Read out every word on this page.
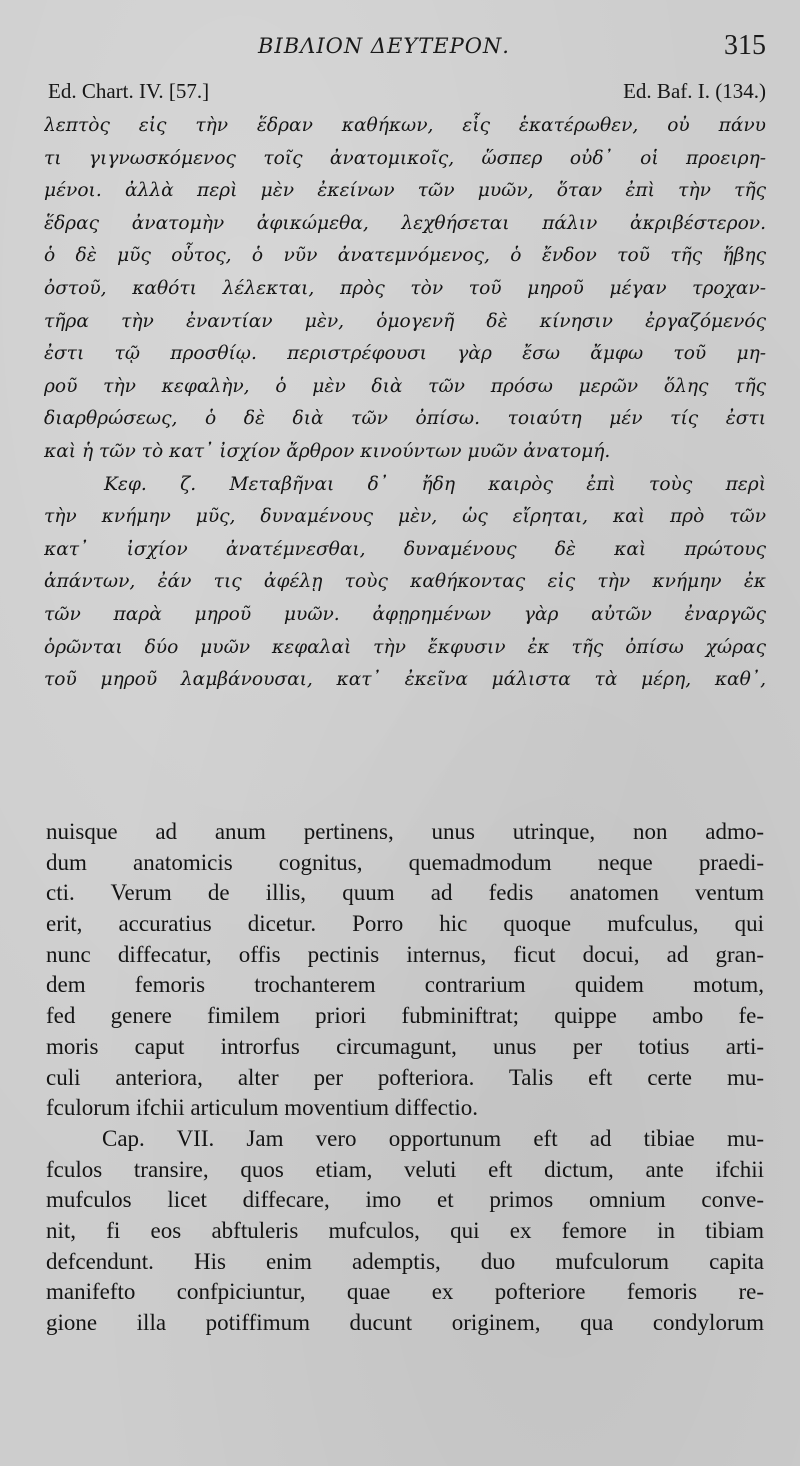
ΒΙΒΛΙΟΝ ΔΕΥΤΕΡΟΝ.	315
Ed. Chart. IV. [57.]	Ed. Baf. I. (134.)
λεπτὸς εἰς τὴν ἕδραν καθήκων, εἷς ἑκατέρωθεν, οὐ πάνυ
τι γιγνωσκόμενος τοῖς ἀνατομικοῖς, ὥσπερ οὐδ᾽ οἱ προειρη-
μένοι. ἀλλὰ περὶ μὲν ἐκείνων τῶν μυῶν, ὅταν ἐπὶ τὴν τῆς
ἕδρας ἀνατομὴν ἀφικώμεθα, λεχθήσεται πάλιν ἀκριβέστερον.
ὁ δὲ μῦς οὗτος, ὁ νῦν ἀνατεμνόμενος, ὁ ἔνδον τοῦ τῆς ἥβης
ὀστοῦ, καθότι λέλεκται, πρὸς τὸν τοῦ μηροῦ μέγαν τροχαν-
τῆρα τὴν ἐναντίαν μὲν, ὁμογενῆ δὲ κίνησιν ἐργαζόμενός
ἐστι τῷ προσθίῳ. περιστρέφουσι γὰρ ἔσω ἄμφω τοῦ μη-
ροῦ τὴν κεφαλὴν, ὁ μὲν διὰ τῶν πρόσω μερῶν ὅλης τῆς
διαρθρώσεως, ὁ δὲ διὰ τῶν ὀπίσω. τοιαύτη μέν τίς ἐστι
καὶ ἡ τῶν τὸ κατ᾽ ἰσχίον ἄρθρον κινούντων μυῶν ἀνατομή.
Κεφ. ζ. Μεταβῆναι δ᾽ ἤδη καιρὸς ἐπὶ τοὺς περὶ
τὴν κνήμην μῦς, δυναμένους μὲν, ὡς εἴρηται, καὶ πρὸ τῶν
κατ᾽ ἰσχίον ἀνατέμνεσθαι, δυναμένους δὲ καὶ πρώτους
ἁπάντων, ἐάν τις ἀφέλῃ τοὺς καθήκοντας εἰς τὴν κνήμην ἐκ
τῶν παρὰ μηροῦ μυῶν. ἀφῃρημένων γὰρ αὐτῶν ἐναργῶς
ὁρῶνται δύο μυῶν κεφαλαὶ τὴν ἔκφυσιν ἐκ τῆς ὀπίσω χώρας
τοῦ μηροῦ λαμβάνουσαι, κατ᾽ ἐκεῖνα μάλιστα τὰ μέρη, καθ᾽,
nuisque ad anum pertinens, unus utrinque, non admo-
dum anatomicis cognitus, quemadmodum neque praedi-
cti. Verum de illis, quum ad fedis anatomen ventum
erit, accuratius dicetur. Porro hic quoque mufculus, qui
nunc diffecatur, offis pectinis internus, ficut docui, ad gran-
dem femoris trochanterem contrarium quidem motum,
fed genere fimilem priori fubminiftrat; quippe ambo fe-
moris caput introrfus circumagunt, unus per totius arti-
culi anteriora, alter per pofteriora. Talis eft certe mu-
fculorum ifchii articulum moventium diffectio.
Cap. VII. Jam vero opportunum eft ad tibiae mu-
fculos transire, quos etiam, veluti eft dictum, ante ifchii
mufculos licet diffecare, imo et primos omnium conve-
nit, fi eos abftuleris mufculos, qui ex femore in tibiam
defcendunt. His enim ademptis, duo mufculorum capita
manifefto confpiciuntur, quae ex pofteriore femoris re-
gione illa potiffimum ducunt originem, qua condylorum
